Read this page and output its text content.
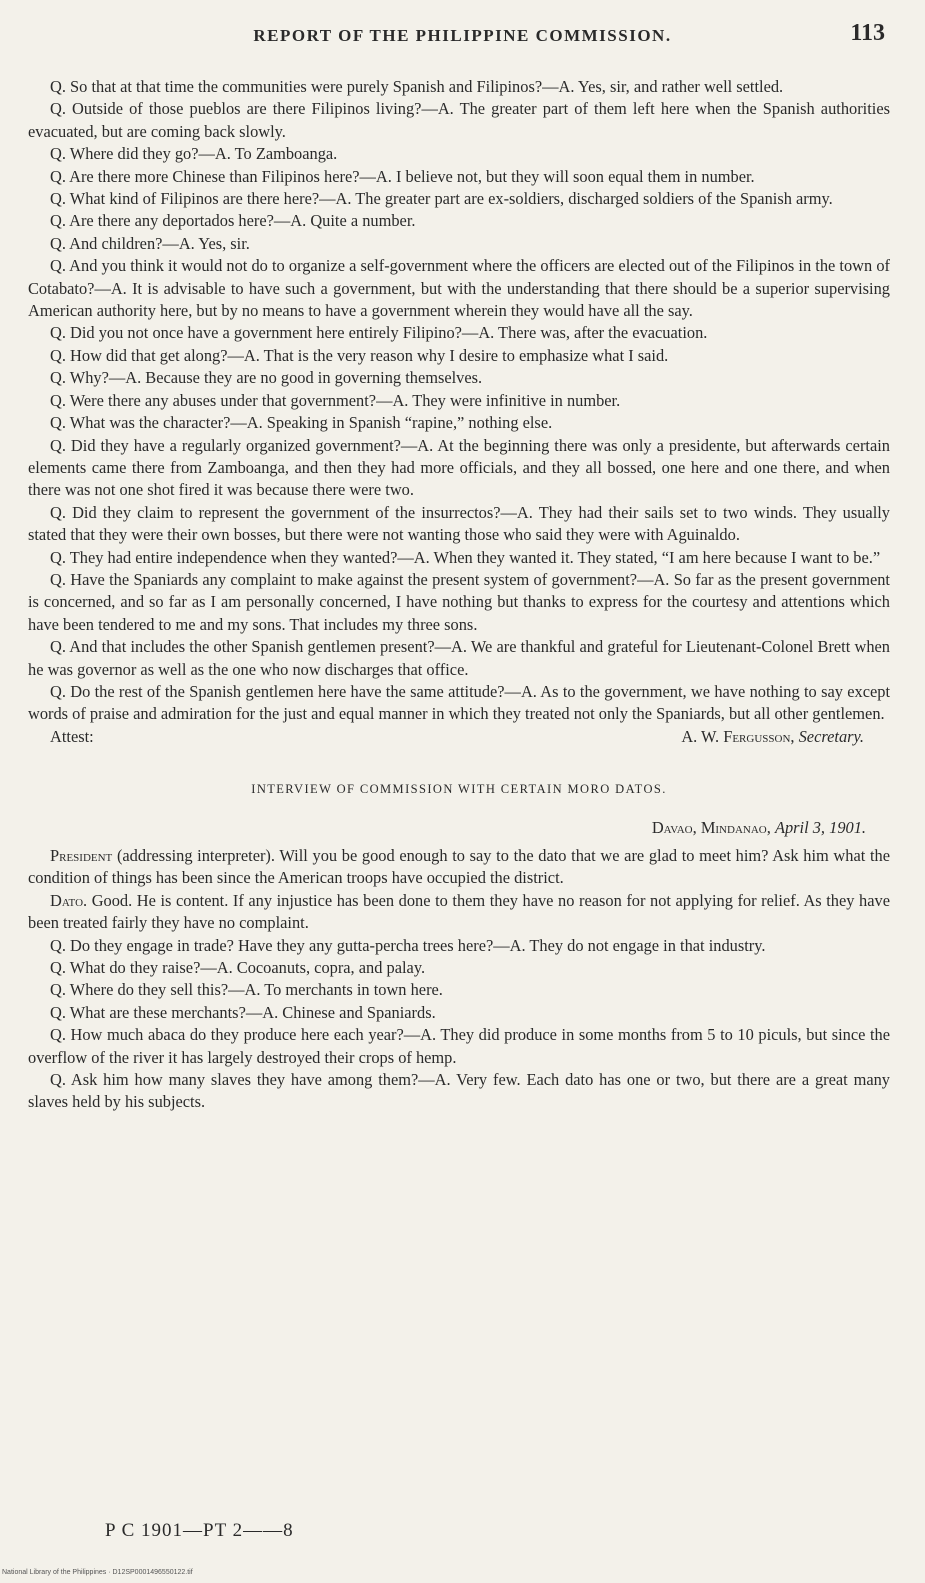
REPORT OF THE PHILIPPINE COMMISSION.	113

Q. So that at that time the communities were purely Spanish and Filipinos?—A. Yes, sir, and rather well settled.

Q. Outside of those pueblos are there Filipinos living?—A. The greater part of them left here when the Spanish authorities evacuated, but are coming back slowly.

Q. Where did they go?—A. To Zamboanga.

Q. Are there more Chinese than Filipinos here?—A. I believe not, but they will soon equal them in number.

Q. What kind of Filipinos are there here?—A. The greater part are ex-soldiers, discharged soldiers of the Spanish army.

Q. Are there any deportados here?—A. Quite a number.

Q. And children?—A. Yes, sir.

Q. And you think it would not do to organize a self-government where the officers are elected out of the Filipinos in the town of Cotabato?—A. It is advisable to have such a government, but with the understanding that there should be a superior supervising American authority here, but by no means to have a government wherein they would have all the say.

Q. Did you not once have a government here entirely Filipino?—A. There was, after the evacuation.

Q. How did that get along?—A. That is the very reason why I desire to emphasize what I said.

Q. Why?—A. Because they are no good in governing themselves.

Q. Were there any abuses under that government?—A. They were infinitive in number.

Q. What was the character?—A. Speaking in Spanish “rapine,” nothing else.

Q. Did they have a regularly organized government?—A. At the beginning there was only a presidente, but afterwards certain elements came there from Zamboanga, and then they had more officials, and they all bossed, one here and one there, and when there was not one shot fired it was because there were two.

Q. Did they claim to represent the government of the insurrectos?—A. They had their sails set to two winds. They usually stated that they were their own bosses, but there were not wanting those who said they were with Aguinaldo.

Q. They had entire independence when they wanted?—A. When they wanted it. They stated, “I am here because I want to be.”

Q. Have the Spaniards any complaint to make against the present system of government?—A. So far as the present government is concerned, and so far as I am personally concerned, I have nothing but thanks to express for the courtesy and attentions which have been tendered to me and my sons. That includes my three sons.

Q. And that includes the other Spanish gentlemen present?—A. We are thankful and grateful for Lieutenant-Colonel Brett when he was governor as well as the one who now discharges that office.

Q. Do the rest of the Spanish gentlemen here have the same attitude?—A. As to the government, we have nothing to say except words of praise and admiration for the just and equal manner in which they treated not only the Spaniards, but all other gentlemen.

Attest:	A. W. Fergusson, Secretary.
INTERVIEW OF COMMISSION WITH CERTAIN MORO DATOS.
Davao, Mindanao, April 3, 1901.

President (addressing interpreter). Will you be good enough to say to the dato that we are glad to meet him? Ask him what the condition of things has been since the American troops have occupied the district.

Dato. Good. He is content. If any injustice has been done to them they have no reason for not applying for relief. As they have been treated fairly they have no complaint.

Q. Do they engage in trade? Have they any gutta-percha trees here?—A. They do not engage in that industry.

Q. What do they raise?—A. Cocoanuts, copra, and palay.

Q. Where do they sell this?—A. To merchants in town here.

Q. What are these merchants?—A. Chinese and Spaniards.

Q. How much abaca do they produce here each year?—A. They did produce in some months from 5 to 10 piculs, but since the overflow of the river it has largely destroyed their crops of hemp.

Q. Ask him how many slaves they have among them?—A. Very few. Each dato has one or two, but there are a great many slaves held by his subjects.

P C 1901—PT 2——8
National Library of the Philippines · D12SP0001496550122.tif
